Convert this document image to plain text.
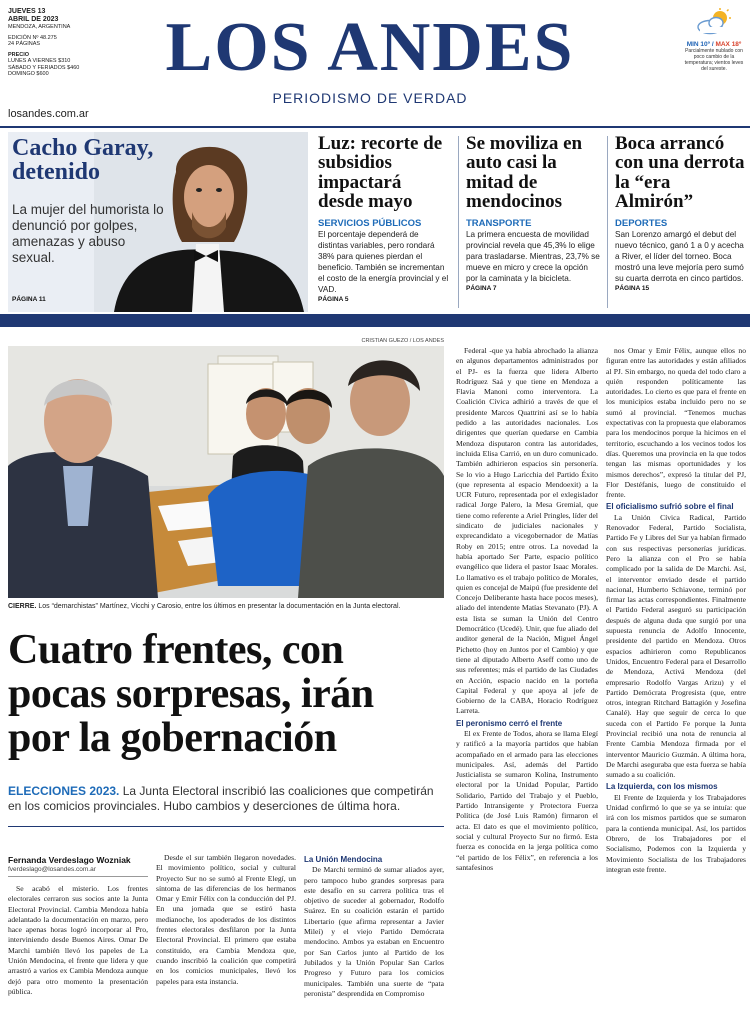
JUEVES 13
ABRIL DE 2023
MENDOZA, ARGENTINA
EDICIÓN Nº 48.275
24 PÁGINAS
PRECIO
LUNES A VIERNES $310
SÁBADO Y FERIADOS $460
DOMINGO $600
losandes.com.ar
LOS ANDES
PERIODISMO DE VERDAD
MIN 10º / MAX 18º
Parcialmente nublado con poco cambio de la temperatura; vientos leves del sureste.
Cacho Garay, detenido
La mujer del humorista lo denunció por golpes, amenazas y abuso sexual.
PÁGINA 11
Luz: recorte de subsidios impactará desde mayo
SERVICIOS PÚBLICOS
El porcentaje dependerá de distintas variables, pero rondará 38% para quienes pierdan el beneficio. También se incrementan el costo de la energía provincial y el VAD.
PÁGINA 5
Se moviliza en auto casi la mitad de mendocinos
TRANSPORTE
La primera encuesta de movilidad provincial revela que 45,3% lo elige para trasladarse. Mientras, 23,7% se mueve en micro y crece la opción por la caminata y la bicicleta.
PÁGINA 7
Boca arrancó con una derrota la “era Almirón”
DEPORTES
San Lorenzo amargó el debut del nuevo técnico, ganó 1 a 0 y acecha a River, el líder del torneo. Boca mostró una leve mejoría pero sumó su cuarta derrota en cinco partidos.
PÁGINA 15
CRISTIAN GUEZO / LOS ANDES
CIERRE. Los “demarchistas” Martínez, Vicchi y Carosio, entre los últimos en presentar la documentación en la Junta electoral.
Cuatro frentes, con pocas sorpresas, irán por la gobernación
ELECCIONES 2023. La Junta Electoral inscribió las coaliciones que competirán en los comicios provinciales. Hubo cambios y deserciones de última hora.
Fernanda Verdeslago Wozniak
fverdeslago@losandes.com.ar

Se acabó el misterio. Los frentes electorales cerraron sus socios ante la Junta Electoral Provincial. Cambia Mendoza había adelantado la documentación en marzo, pero hace apenas horas logró incorporar al Pro, interviniendo desde Buenos Aires. Omar De Marchi también llevó los papeles de La Unión Mendocina, el frente que lidera y que arrastró a varios ex Cambia Mendoza aunque dejó para otro momento la presentación pública.

Desde el sur también llegaron novedades. El movimiento político, social y cultural Proyecto Sur no se sumó al Frente Elegí, un síntoma de las diferencias de los hermanos Omar y Emir Félix con la conducción del PJ. En una jornada que se estiró hasta medianoche, los apoderados de los distintos frentes electorales desfilaron por la Junta Electoral Provincial. El primero que estaba constituido, era Cambia Mendoza que, cuando inscribió la coalición que competirá en los comicios municipales, llevó los papeles para esta instancia.

La Unión Mendocina

De Marchi terminó de sumar aliados ayer, pero tampoco hubo grandes sorpresas para este desafío en su carrera política tras el objetivo de suceder al gobernador, Rodolfo Suárez. En su coalición estarán el partido Libertario (que afirma representar a Javier Mileí) y el viejo Partido Demócrata mendocino. Ambos ya estaban en Encuentro por San Carlos junto al Partido de los Jubilados y la Unión Popular San Carlos Progreso y Futuro para los comicios municipales. También una suerte de “pata peronista” desprendida en Compromiso

Federal -que ya había abrochado la alianza en algunos departamentos administrados por el PJ- es la fuerza que lidera Alberto Rodríguez Saá y que tiene en Mendoza a Flavia Manoni como interventora. La Coalición Cívica adhirió a través de que el presidente Marcos Quattrini así se lo había pedido a las autoridades nacionales. Los dirigentes que querían quedarse en Cambia Mendoza disputaron contra las autoridades, incluida Elisa Carrió, en un duro comunicado. También adhirieron espacios sin personería. Se lo vio a Hugo Laricchia del Partido Éxito (que representa al espacio Mendoexit) a la UCR Futuro, representada por el exlegislador radical Jorge Palero, la Mesa Gremial, que tiene como referente a Ariel Pringles, líder del sindicato de judiciales nacionales y exprecandidato a vicegobernador de Matías Roby en 2015; entre otros. La novedad la había aportado Ser Parte, espacio político evangélico que lidera el pastor Isaac Morales. Lo llamativo es el trabajo político de Morales, quien es concejal de Maipú (fue presidente del Concejo Deliberante hasta hace pocos meses), aliado del intendente Matías Stevanato (PJ). A esta lista se suman la Unión del Centro Democrático (Ucedé). Unir, que fue aliado del auditor general de la Nación, Miguel Ángel Pichetto (hoy en Juntos por el Cambio) y que tiene al diputado Alberto Aseff como uno de sus referentes; más el partido de las Ciudades en Acción, espacio nacido en la porteña Capital Federal y que apoya al jefe de Gobierno de la CABA, Horacio Rodríguez Larreta.

El peronismo cerró el frente

El ex Frente de Todos, ahora se llama Elegí y ratificó a la mayoría partidos que habían acompañado en el armado para las elecciones municipales. Así, además del Partido Justicialista se sumaron Kolina, Instrumento electoral por la Unidad Popular, Partido Solidario, Partido del Trabajo y el Pueblo, Partido Intransigente y Protectora Fuerza Política (de José Luis Ramón) firmaron el acta. El dato es que el movimiento político, social y cultural Proyecto Sur no firmó. Esta fuerza es conocida en la jerga política como “el partido de los Félix”, en referencia a los santafesinos

nos Omar y Emir Félix, aunque ellos no figuran entre las autoridades y están afiliados al PJ. Sin embargo, no queda del todo claro a quién responden políticamente las autoridades. Lo cierto es que para el frente en los municipios estaba incluido pero no se sumó al provincial. “Tenemos muchas expectativas con la propuesta que elaboramos para los mendocinos porque la hicimos en el territorio, escuchando a los vecinos todos los días. Queremos una provincia en la que todos tengan las mismas oportunidades y los mismos derechos”, expresó la titular del PJ, Flor Destéfanis, luego de constituido el frente.

El oficialismo sufrió sobre el final

La Unión Cívica Radical, Partido Renovador Federal, Partido Socialista, Partido Fe y Libres del Sur ya habían firmado con sus respectivas personerías jurídicas. Pero la alianza con el Pro se había complicado por la salida de De Marchi. Así, el interventor enviado desde el partido nacional, Humberto Schiavone, terminó por firmar las actas correspondientes. Finalmente el Partido Federal aseguró su participación después de alguna duda que surgió por una supuesta renuncia de Adolfo Innocente, presidente del partido en Mendoza. Otros espacios adhirieron como Republicanos Unidos, Encuentro Federal para el Desarrollo de Mendoza, Activá Mendoza (del empresario Rodolfo Vargas Arizu) y el Partido Demócrata Progresista (que, entre otros, integran Ritchard Battagión y Josefina Canalé). Hay que seguir de cerca lo que suceda con el Partido Fe porque la Junta Provincial recibió una nota de renuncia al Frente Cambia Mendoza firmada por el interventor Mauricio Guzmán. A última hora, De Marchi aseguraba que esta fuerza se había sumado a su coalición.

La Izquierda, con los mismos

El Frente de Izquierda y los Trabajadores Unidad confirmó lo que se ya se intuía: que irá con los mismos partidos que se sumaron para la contienda municipal. Así, los partidos Obrero, de los Trabajadores por el Socialismo, Podemos con la Izquierda y Movimiento Socialista de los Trabajadores integran este frente.
